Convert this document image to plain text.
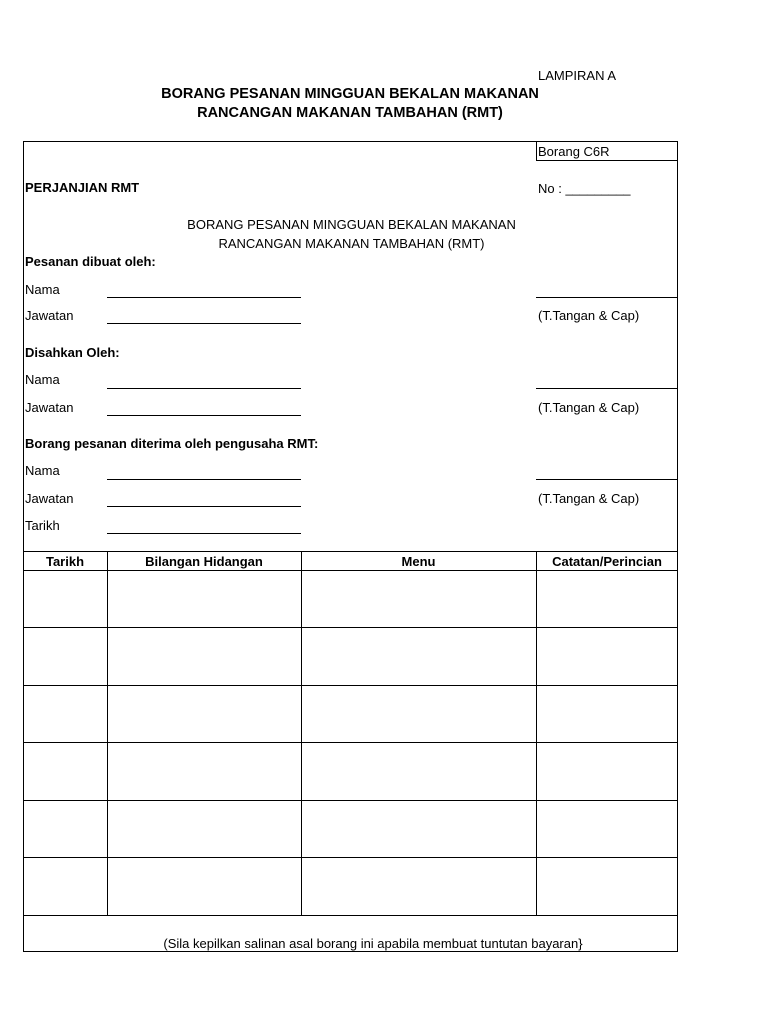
LAMPIRAN A
BORANG PESANAN MINGGUAN BEKALAN MAKANAN
RANCANGAN MAKANAN TAMBAHAN (RMT)
Borang C6R
PERJANJIAN RMT	No : _________
BORANG PESANAN MINGGUAN BEKALAN MAKANAN
RANCANGAN MAKANAN TAMBAHAN (RMT)
Pesanan dibuat oleh:
Nama
Jawatan	(T.Tangan & Cap)
Disahkan Oleh:
Nama
Jawatan	(T.Tangan & Cap)
Borang pesanan diterima oleh pengusaha RMT:
Nama
Jawatan	(T.Tangan & Cap)
Tarikh
Tarikh	Bilangan Hidangan	Menu	Catatan/Perincian
(Sila kepilkan salinan asal borang ini apabila membuat tuntutan bayaran}
